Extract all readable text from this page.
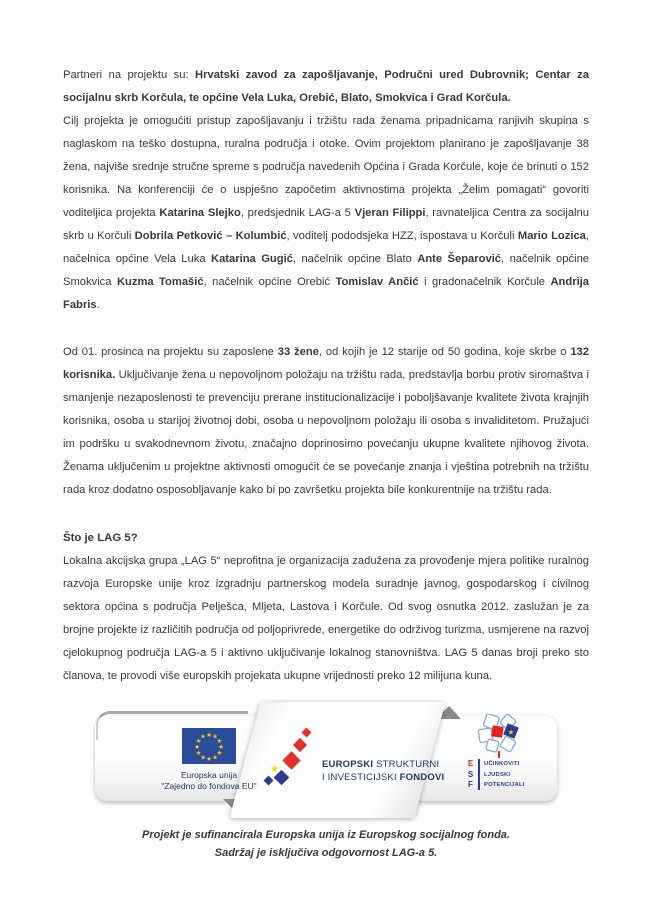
Partneri na projektu su: Hrvatski zavod za zapošljavanje, Područni ured Dubrovnik; Centar za socijalnu skrb Korčula, te općine Vela Luka, Orebić, Blato, Smokvica i Grad Korčula.

Cilj projekta je omogućiti pristup zapošljavanju i tržištu rada ženama pripadnicama ranjivih skupina s naglaskom na teško dostupna, ruralna područja i otoke. Ovim projektom planirano je zapošljavanje 38 žena, najviše srednje stručne spreme s područja navedenih Općina i Grada Korčule, koje će brinuti o 152 korisnika. Na konferenciji će o uspješno započetim aktivnostima projekta „Želim pomagati“ govoriti voditeljica projekta Katarina Slejko, predsjednik LAG-a 5 Vjeran Filippi, ravnateljica Centra za socijalnu skrb u Korčuli Dobrila Petković – Kolumbić, voditelj pododsjeka HZZ, ispostava u Korčuli Mario Lozica, načelnica općine Vela Luka Katarina Gugić, načelnik općine Blato Ante Šeparović, načelnik općine Smokvica Kuzma Tomašić, načelnik općine Orebić Tomislav Ančić i gradonačelnik Korčule Andrija Fabris.

Od 01. prosinca na projektu su zaposlene 33 žene, od kojih je 12 starije od 50 godina, koje skrbe o 132 korisnika. Uključivanje žena u nepovoljnom položaju na tržištu rada, predstavlja borbu protiv siromaštva i smanjenje nezaposlenosti te prevenciju prerane institucionalizacije i poboljšavanje kvalitete života krajnjih korisnika, osoba u starijoj životnoj dobi, osoba u nepovoljnom položaju ili osoba s invaliditetom. Pružajući im podršku u svakodnevnom životu, značajno doprinosimo povećanju ukupne kvalitete njihovog života. Ženama uključenim u projektne aktivnosti omogućit će se povećanje znanja i vještina potrebnih na tržištu rada kroz dodatno osposobljavanje kako bi po završetku projekta bile konkurentnije na tržištu rada.

Što je LAG 5?

Lokalna akcijska grupa „LAG 5“ neprofitna je organizacija zadužena za provođenje mjera politike ruralnog razvoja Europske unije kroz izgradnju partnerskog modela suradnje javnog, gospodarskog i civilnog sektora općina s područja Pelješca, Mljeta, Lastova i Korčule. Od svog osnutka 2012. zaslužan je za brojne projekte iz različitih područja od poljoprivrede, energetike do održivog turizma, usmjerene na razvoj cjelokupnog područja LAG-a 5 i aktivno uključivanje lokalnog stanovništva. LAG 5 danas broji preko sto članova, te provodi više europskih projekata ukupne vrijednosti preko 12 milijuna kuna.

★ ★
★
★
★
★
★
★
★
★
★
★
Europska unija
"Zajedno do fondova EU"
★	EUROPSKI STRUKTURNI
I INVESTICIJSKI FONDOVI
★
E
S
F
UČINKOVITI
LJUDSKI
POTENCIJALI
Projekt je sufinancirala Europska unija iz Europskog socijalnog fonda.
Sadržaj je isključiva odgovornost LAG-a 5.
